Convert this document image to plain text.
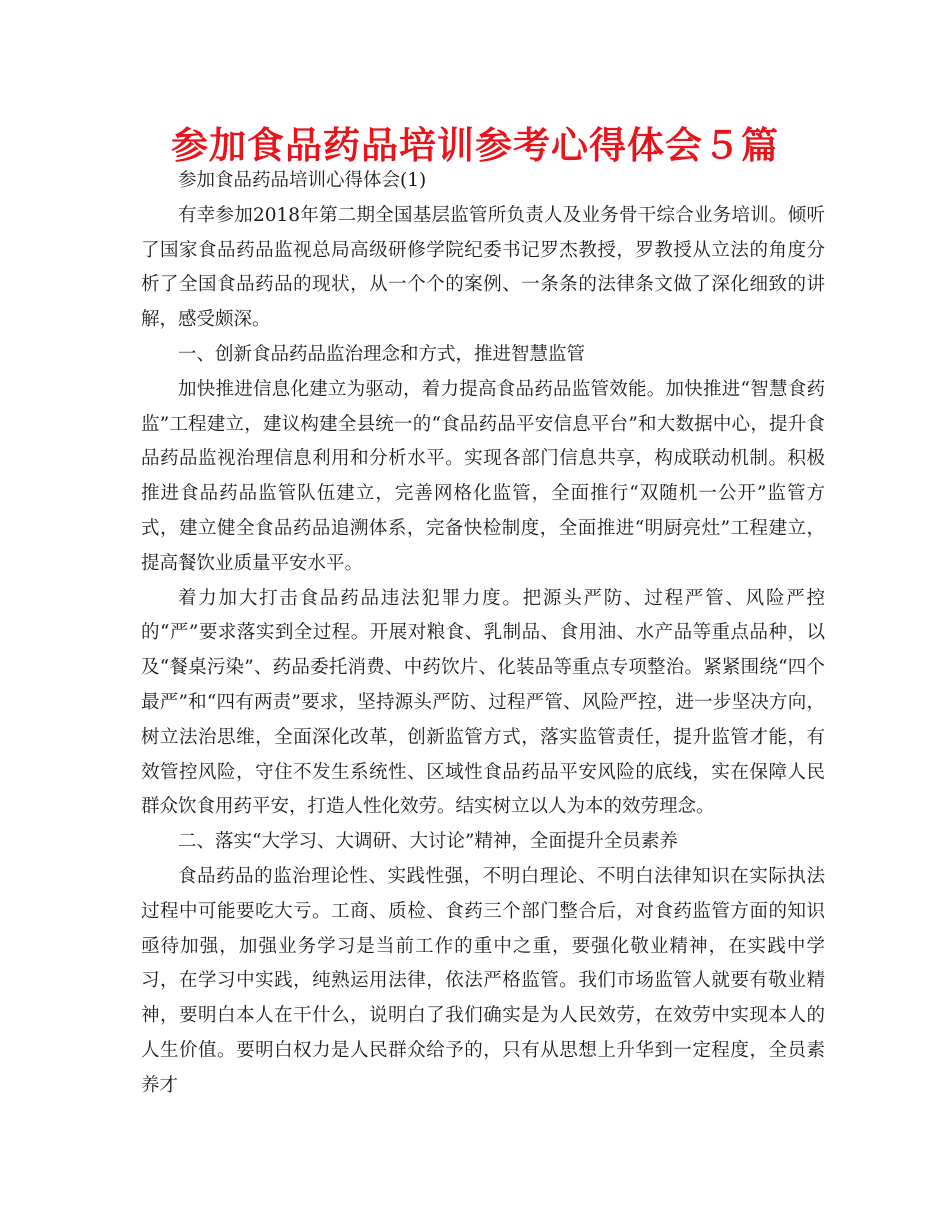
参加食品药品培训参考心得体会５篇

参加食品药品培训心得体会(1)

有幸参加2018年第二期全国基层监管所负责人及业务骨干综合业务培训。倾听了国家食品药品监视总局高级研修学院纪委书记罗杰教授，罗教授从立法的角度分析了全国食品药品的现状，从一个个的案例、一条条的法律条文做了深化细致的讲解，感受颇深。

一、创新食品药品监治理念和方式，推进智慧监管

加快推进信息化建立为驱动，着力提高食品药品监管效能。加快推进“智慧食药监”工程建立，建议构建全县统一的“食品药品平安信息平台”和大数据中心，提升食品药品监视治理信息利用和分析水平。实现各部门信息共享，构成联动机制。积极推进食品药品监管队伍建立，完善网格化监管，全面推行“双随机一公开”监管方式，建立健全食品药品追溯体系，完备快检制度，全面推进“明厨亮灶”工程建立，提高餐饮业质量平安水平。

着力加大打击食品药品违法犯罪力度。把源头严防、过程严管、风险严控的“严”要求落实到全过程。开展对粮食、乳制品、食用油、水产品等重点品种，以及“餐桌污染”、药品委托消费、中药饮片、化装品等重点专项整治。紧紧围绕“四个最严”和“四有两责”要求，坚持源头严防、过程严管、风险严控，进一步坚决方向，树立法治思维，全面深化改革，创新监管方式，落实监管责任，提升监管才能，有效管控风险，守住不发生系统性、区域性食品药品平安风险的底线，实在保障人民群众饮食用药平安，打造人性化效劳。结实树立以人为本的效劳理念。

二、落实“大学习、大调研、大讨论”精神，全面提升全员素养

食品药品的监治理论性、实践性强，不明白理论、不明白法律知识在实际执法过程中可能要吃大亏。工商、质检、食药三个部门整合后，对食药监管方面的知识亟待加强，加强业务学习是当前工作的重中之重，要强化敬业精神，在实践中学习，在学习中实践，纯熟运用法律，依法严格监管。我们市场监管人就要有敬业精神，要明白本人在干什么，说明白了我们确实是为人民效劳，在效劳中实现本人的人生价值。要明白权力是人民群众给予的，只有从思想上升华到一定程度，全员素养才
